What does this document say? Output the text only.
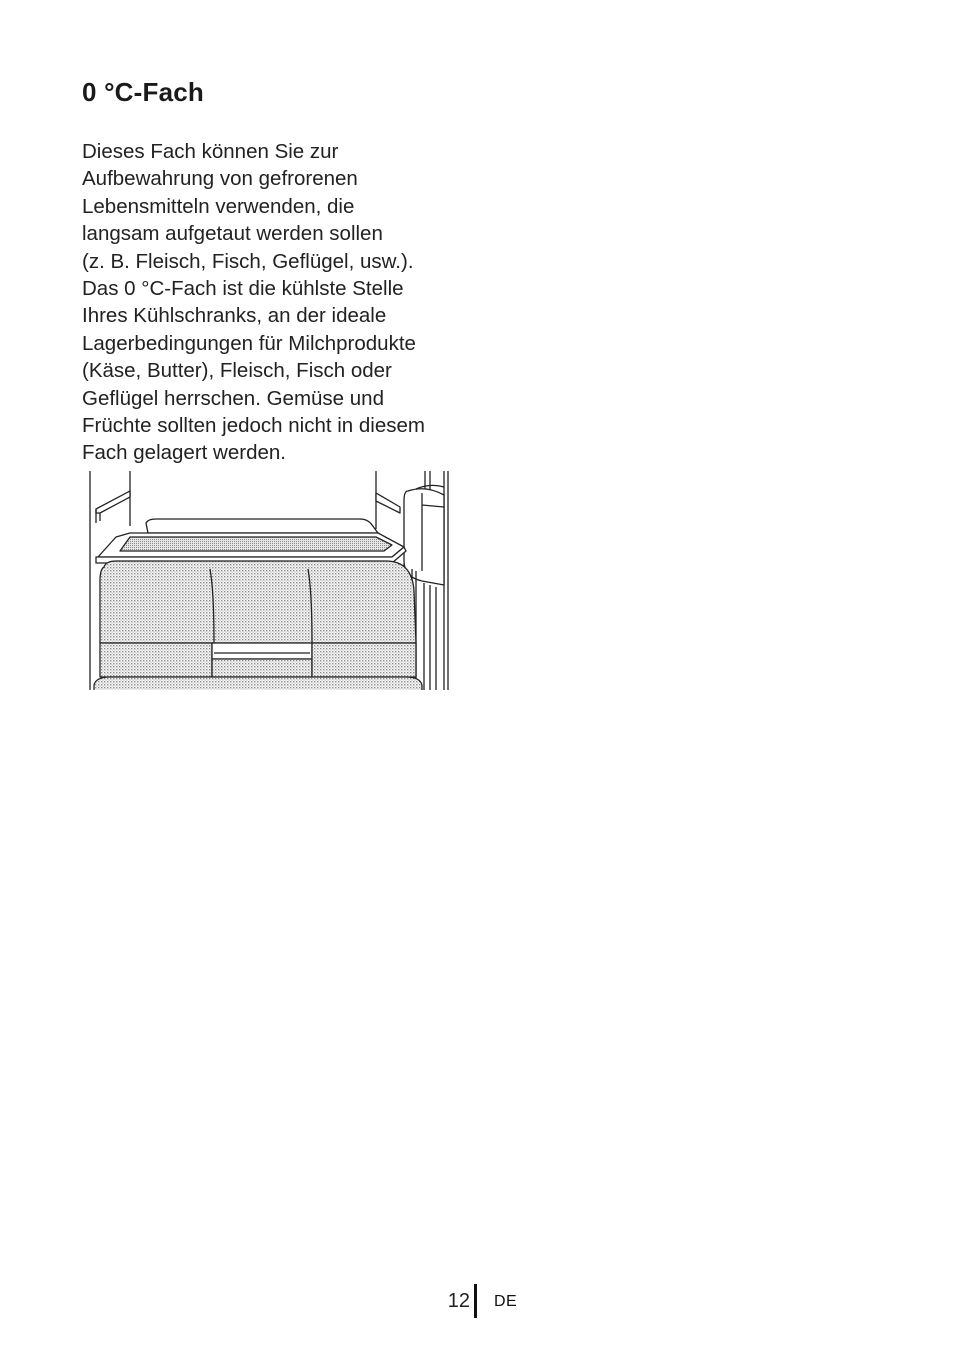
0 °C-Fach
Dieses Fach können Sie zur
Aufbewahrung von gefrorenen
Lebensmitteln verwenden, die
langsam aufgetaut werden sollen
(z. B. Fleisch, Fisch, Geflügel, usw.).
Das 0 °C-Fach ist die kühlste Stelle
Ihres Kühlschranks, an der ideale
Lagerbedingungen für Milchprodukte
(Käse, Butter), Fleisch, Fisch oder
Geflügel herrschen. Gemüse und
Früchte sollten jedoch nicht in diesem
Fach gelagert werden.
12 DE
